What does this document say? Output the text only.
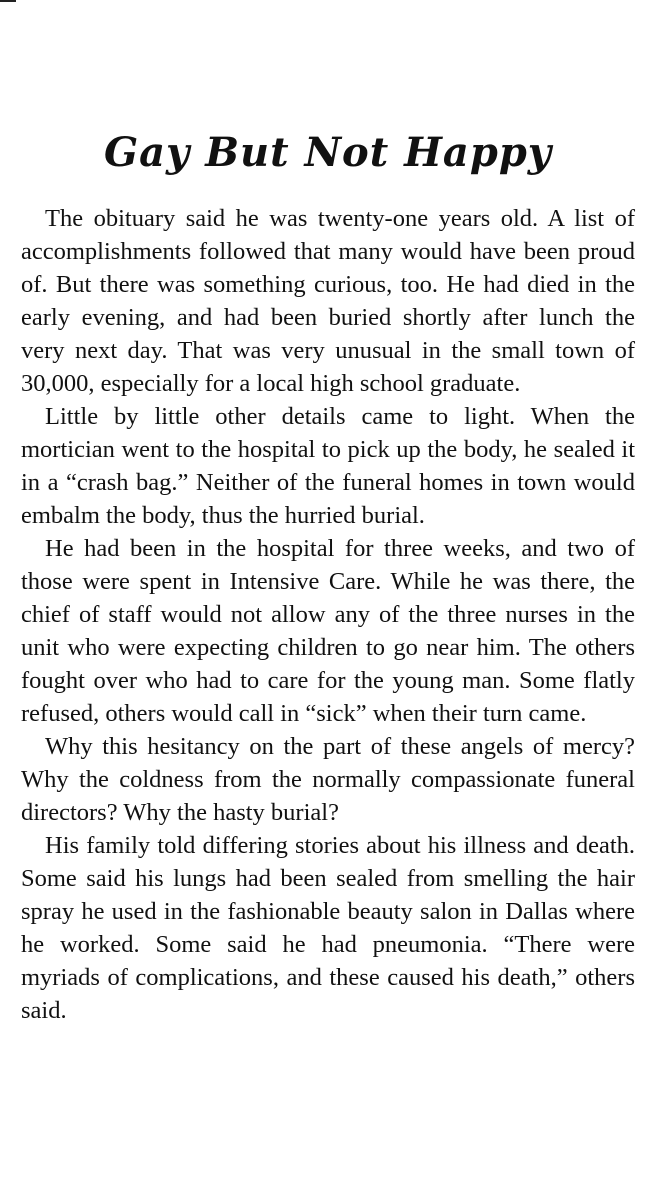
Gay But Not Happy

The obituary said he was twenty-one years old. A list of accomplishments followed that many would have been proud of. But there was something curious, too. He had died in the early evening, and had been buried shortly after lunch the very next day. That was very unusual in the small town of 30,000, especially for a local high school graduate.

Little by little other details came to light. When the mortician went to the hospital to pick up the body, he sealed it in a “crash bag.” Neither of the funeral homes in town would embalm the body, thus the hurried burial.

He had been in the hospital for three weeks, and two of those were spent in Intensive Care. While he was there, the chief of staff would not allow any of the three nurses in the unit who were expecting children to go near him. The others fought over who had to care for the young man. Some flatly refused, others would call in “sick” when their turn came.

Why this hesitancy on the part of these angels of mercy? Why the coldness from the normally compassionate funeral directors? Why the hasty burial?

His family told differing stories about his illness and death. Some said his lungs had been sealed from smelling the hair spray he used in the fashionable beauty salon in Dallas where he worked. Some said he had pneumonia. “There were myriads of complications, and these caused his death,” others said.
